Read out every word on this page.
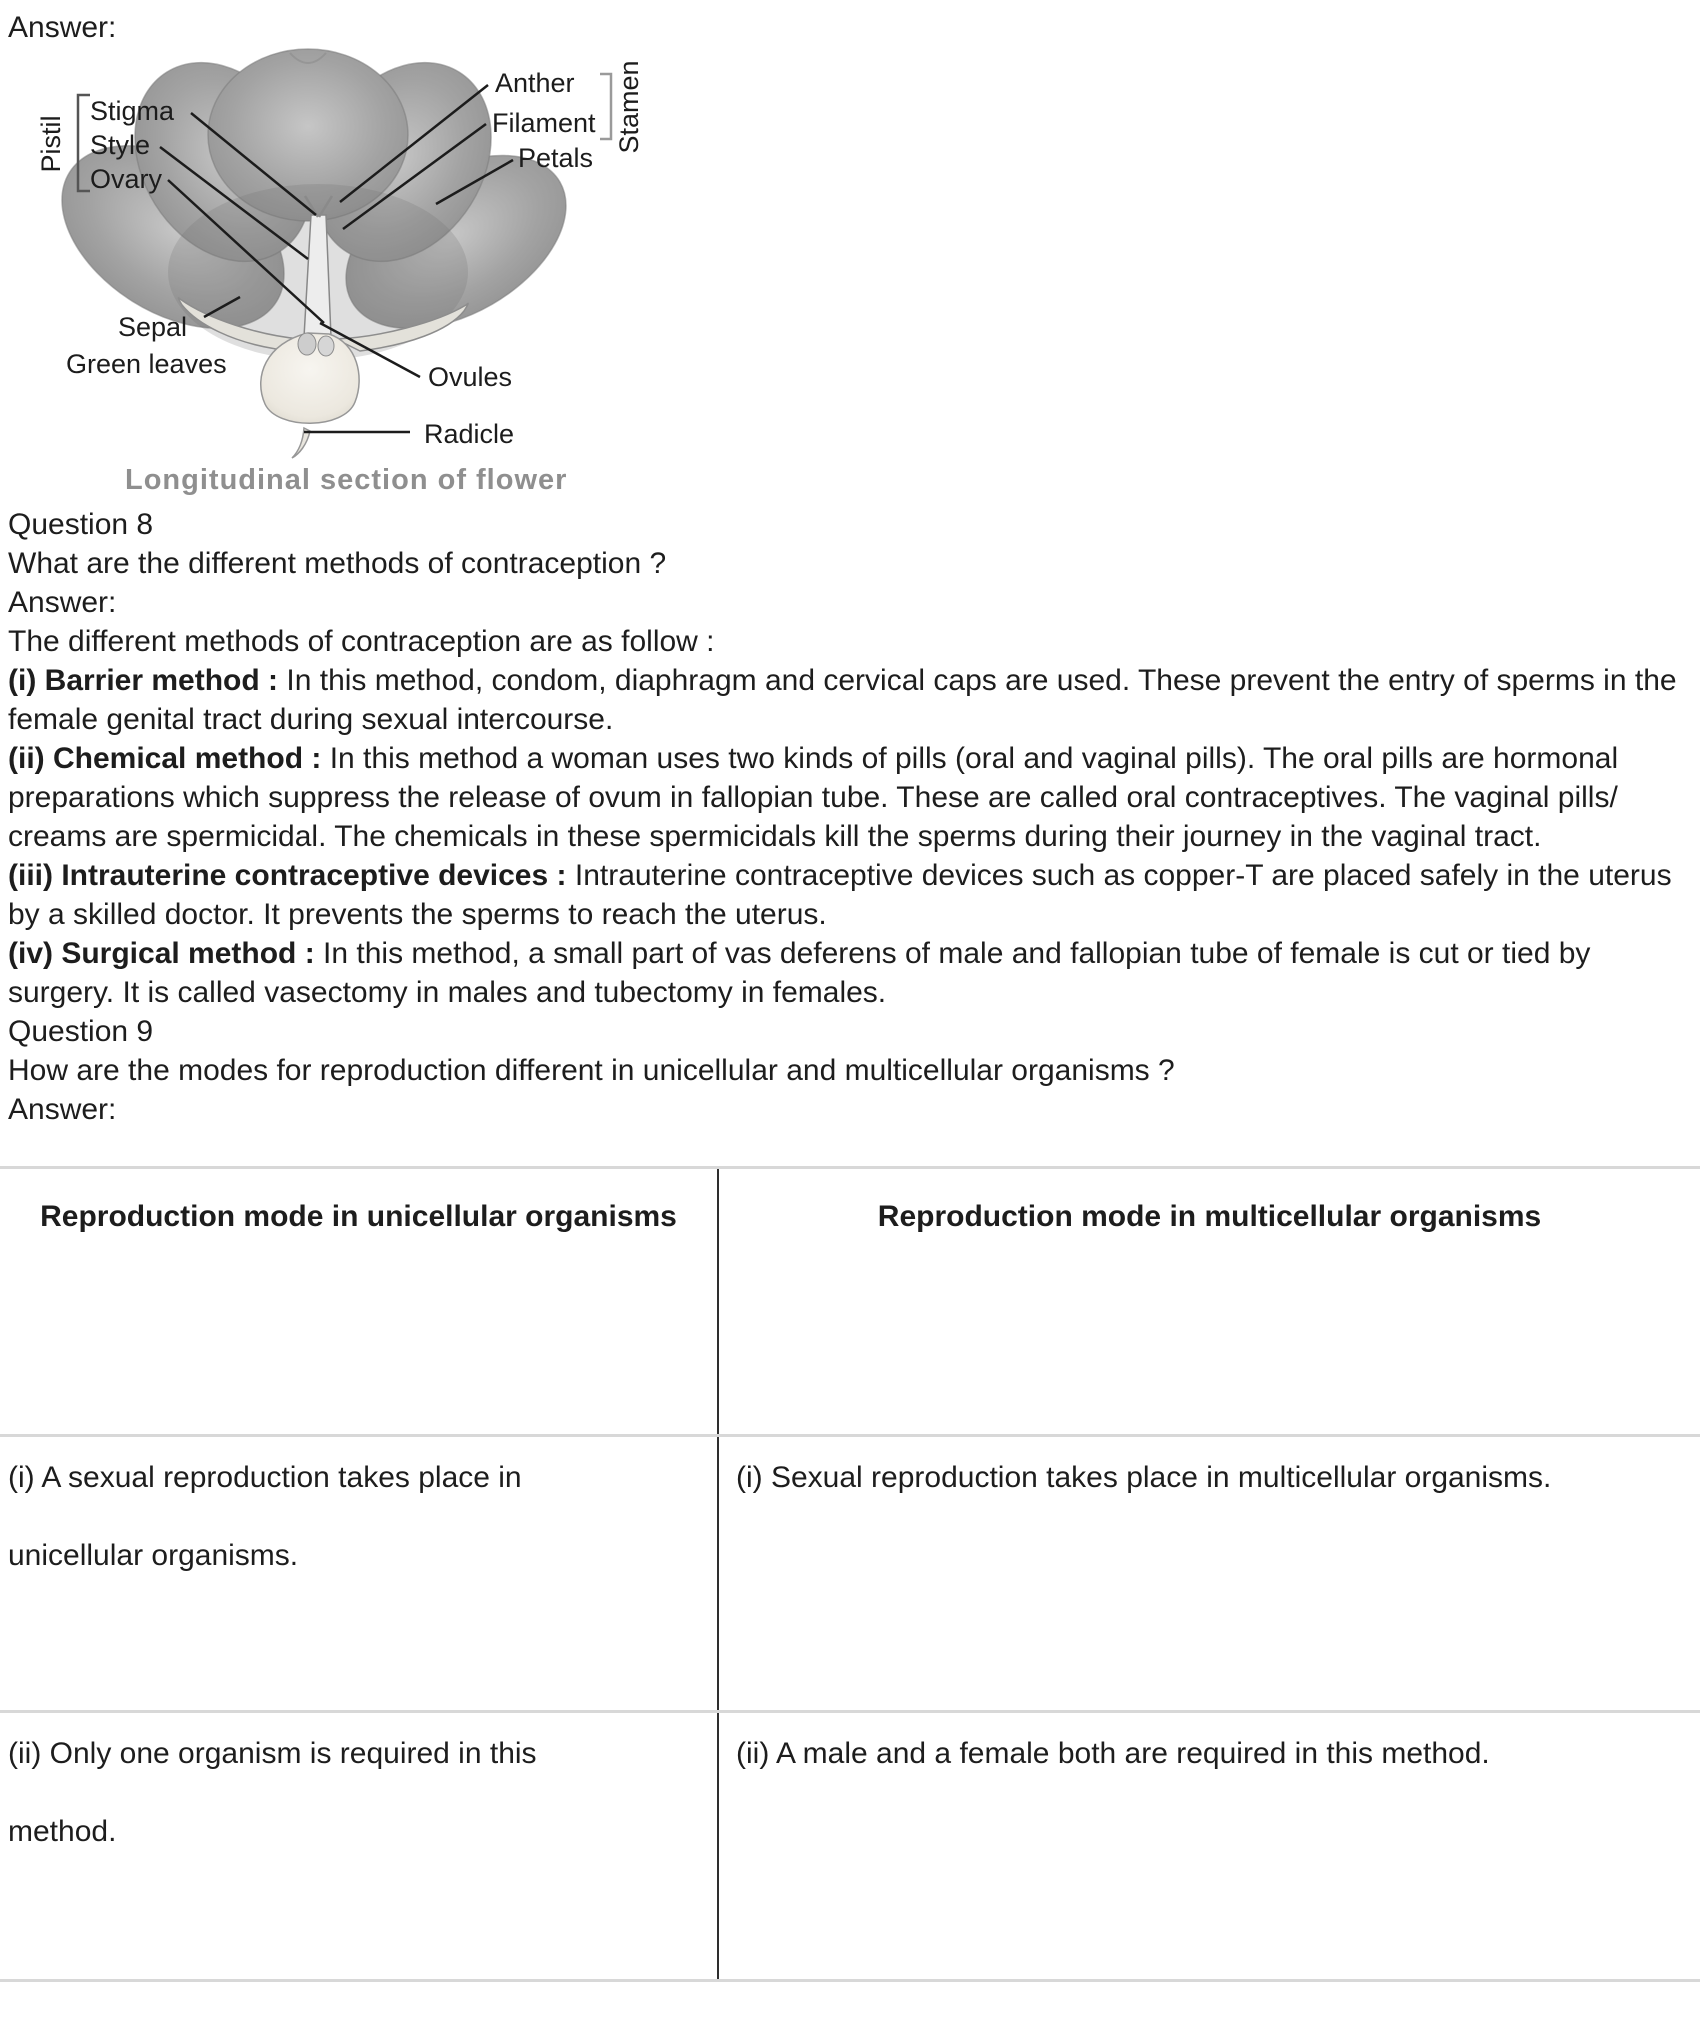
Answer:
Pistil
Stigma
Style
Ovary
Anther
Filament
Petals
Stamen
Sepal
Green leaves	Ovules
Radicle
Longitudinal section of flower
Question 8
What are the different methods of contraception ?
Answer:
The different methods of contraception are as follow :

(i) Barrier method : In this method, condom, diaphragm and cervical caps are used. These prevent the entry of sperms in the female genital tract during sexual intercourse.

(ii) Chemical method : In this method a woman uses two kinds of pills (oral and vaginal pills). The oral pills are hormonal preparations which suppress the release of ovum in fallopian tube. These are called oral contraceptives. The vaginal pills/ creams are spermicidal. The chemicals in these spermicidals kill the sperms during their journey in the vaginal tract.

(iii) Intrauterine contraceptive devices : Intrauterine contraceptive devices such as copper-T are placed safely in the uterus by a skilled doctor. It prevents the sperms to reach the uterus.

(iv) Surgical method : In this method, a small part of vas deferens of male and fallopian tube of female is cut or tied by surgery. It is called vasectomy in males and tubectomy in females.

Question 9
How are the modes for reproduction different in unicellular and multicellular organisms ?
Answer:
Reproduction mode in unicellular organisms	Reproduction mode in multicellular organisms
(i) A sexual reproduction takes place in unicellular organisms.
(i) Sexual reproduction takes place in multicellular organisms.
(ii) Only one organism is required in this method.
(ii) A male and a female both are required in this method.
